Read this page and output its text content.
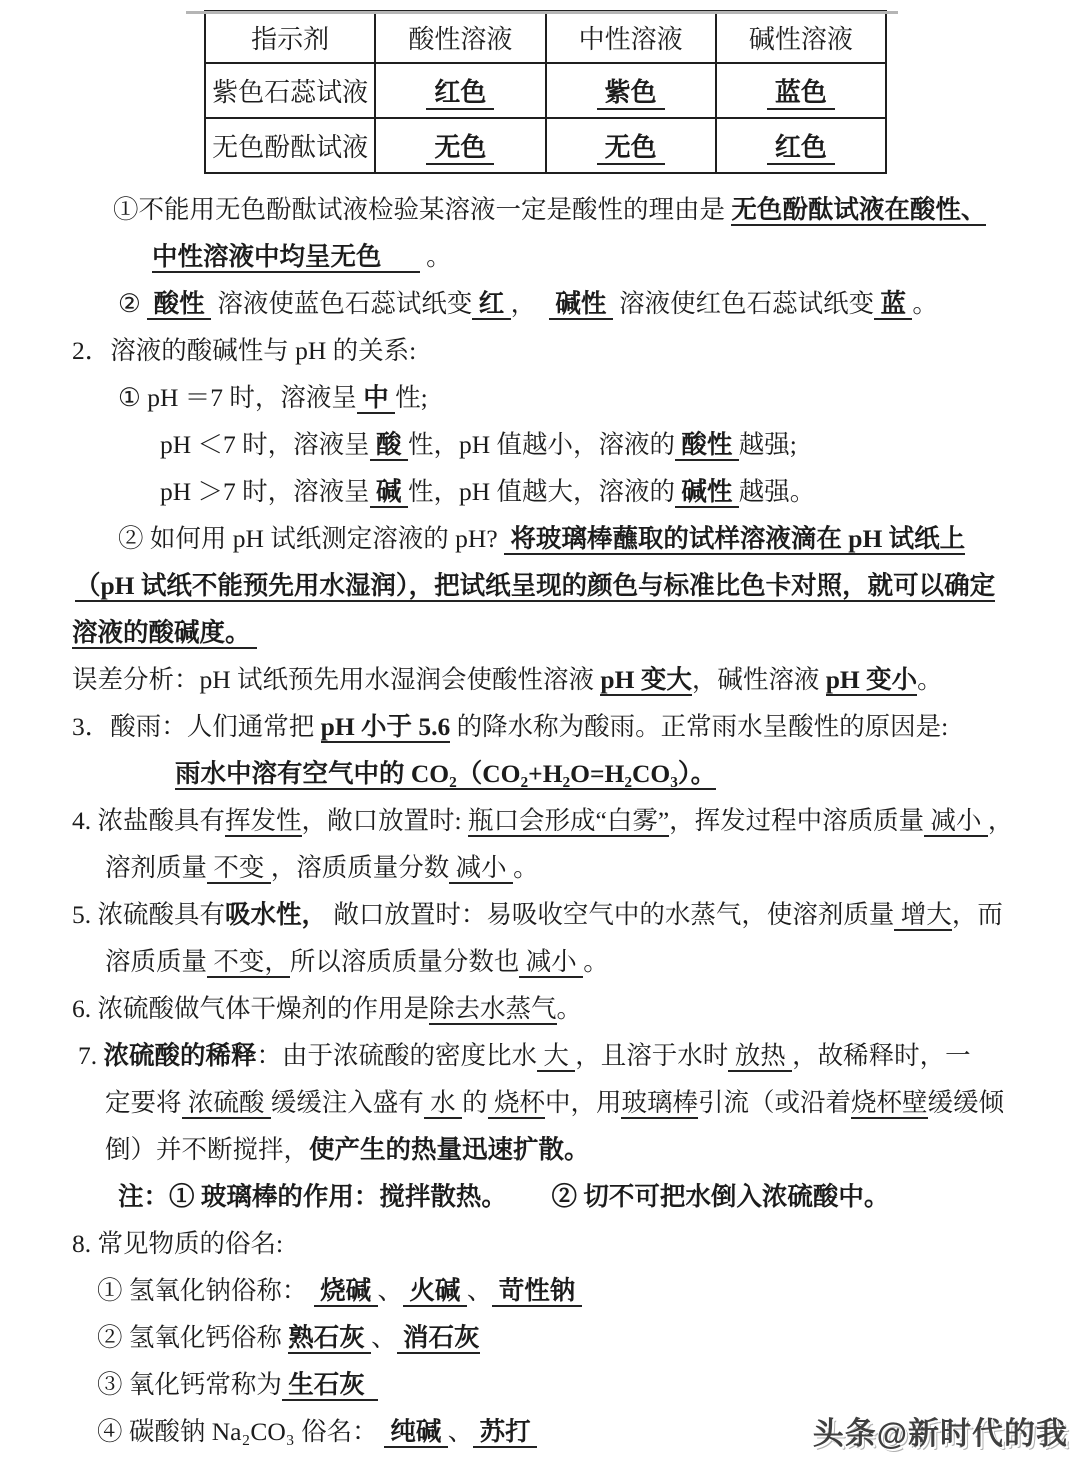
指示剂	酸性溶液	中性溶液	碱性溶液
紫色石蕊试液	红色	紫色	蓝色
无色酚酞试液	无色	无色	红色
①不能用无色酚酞试液检验某溶液一定是酸性的理由是 无色酚酞试液在酸性、
中性溶液中均呈无色       。
②  酸性  溶液使蓝色石蕊试纸变 红 ，   碱性  溶液使红色石蕊试纸变 蓝 。
2．溶液的酸碱性与 pH 的关系:
① pH ＝7 时，溶液呈 中 性;
pH ＜7 时，溶液呈 酸 性，pH 值越小，溶液的 酸性 越强;
pH ＞7 时，溶液呈 碱 性，pH 值越大，溶液的 碱性 越强。
② 如何用 pH 试纸测定溶液的 pH?  将玻璃棒蘸取的试样溶液滴在 pH 试纸上
（pH 试纸不能预先用水湿润），把试纸呈现的颜色与标准比色卡对照，就可以确定
溶液的酸碱度。
误差分析：pH 试纸预先用水湿润会使酸性溶液 pH 变大，碱性溶液 pH 变小。
3．酸雨：人们通常把 pH 小于 5.6 的降水称为酸雨。正常雨水呈酸性的原因是:
雨水中溶有空气中的 CO₂（CO₂+H₂O=H₂CO₃）。
4. 浓盐酸具有挥发性，敞口放置时: 瓶口会形成“白雾”，挥发过程中溶质质量 减小 ，
溶剂质量 不变 ，溶质质量分数 减小 。
5. 浓硫酸具有吸水性， 敞口放置时：易吸收空气中的水蒸气，使溶剂质量 增大，而
溶质质量 不变，所以溶质质量分数也 减小 。
6. 浓硫酸做气体干燥剂的作用是除去水蒸气。
7. 浓硫酸的稀释：由于浓硫酸的密度比水 大 ，且溶于水时 放热 ，故稀释时，一
定要将 浓硫酸 缓缓注入盛有 水 的 烧杯中，用玻璃棒引流（或沿着烧杯壁缓缓倾
倒）并不断搅拌，使产生的热量迅速扩散。
注：① 玻璃棒的作用：搅拌散热。　　 ② 切不可把水倒入浓硫酸中。
8. 常见物质的俗名:
① 氢氧化钠俗称：  烧碱 、 火碱 、 苛性钠
② 氢氧化钙俗称 熟石灰 、 消石灰
③ 氧化钙常称为 生石灰
④ 碳酸钠 Na₂CO₃ 俗名：  纯碱 、 苏打	头条@新时代的我
